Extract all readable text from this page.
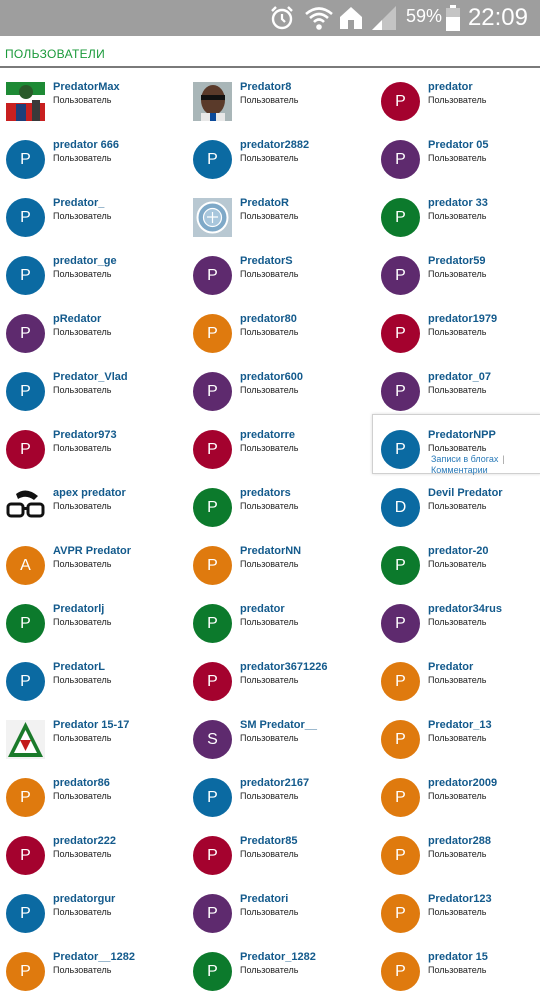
59% 22:09
ПОЛЬЗОВАТЕЛИ
PredatorMax
Пользователь
Predator8
Пользователь	P
predator
Пользователь
P
predator 666
Пользователь	P
predator2882
Пользователь	P
Predator 05
Пользователь
P
Predator_
Пользователь
PredatoR
Пользователь	P
predator 33
Пользователь
P
predator_ge
Пользователь	P
PredatorS
Пользователь	P
Predator59
Пользователь
P
pRedator
Пользователь	P
predator80
Пользователь	P
predator1979
Пользователь
P
Predator_Vlad
Пользователь	P
predator600
Пользователь	P
predator_07
Пользователь
P
Predator973
Пользователь	P
predatorre
Пользователь	P
PredatorNPP
Пользователь
Записи в блогах |
Комментарии
apex predator
Пользователь	P
predators
Пользователь	D
Devil Predator
Пользователь
A
AVPR Predator
Пользователь	P
PredatorNN
Пользователь	P
predator-20
Пользователь
P
Predatorlj
Пользователь	P
predator
Пользователь	P
predator34rus
Пользователь
P
PredatorL
Пользователь	P
predator3671226
Пользователь	P
Predator
Пользователь
Predator 15-17
Пользователь	S
SM Predator__
Пользователь	P
Predator_13
Пользователь
P
predator86
Пользователь	P
predator2167
Пользователь	P
predator2009
Пользователь
P
predator222
Пользователь	P
Predator85
Пользователь	P
predator288
Пользователь
P
predatorgur
Пользователь	P
Predatori
Пользователь	P
Predator123
Пользователь
P
Predator__1282
Пользователь	P
Predator_1282
Пользователь	P
predator 15
Пользователь
